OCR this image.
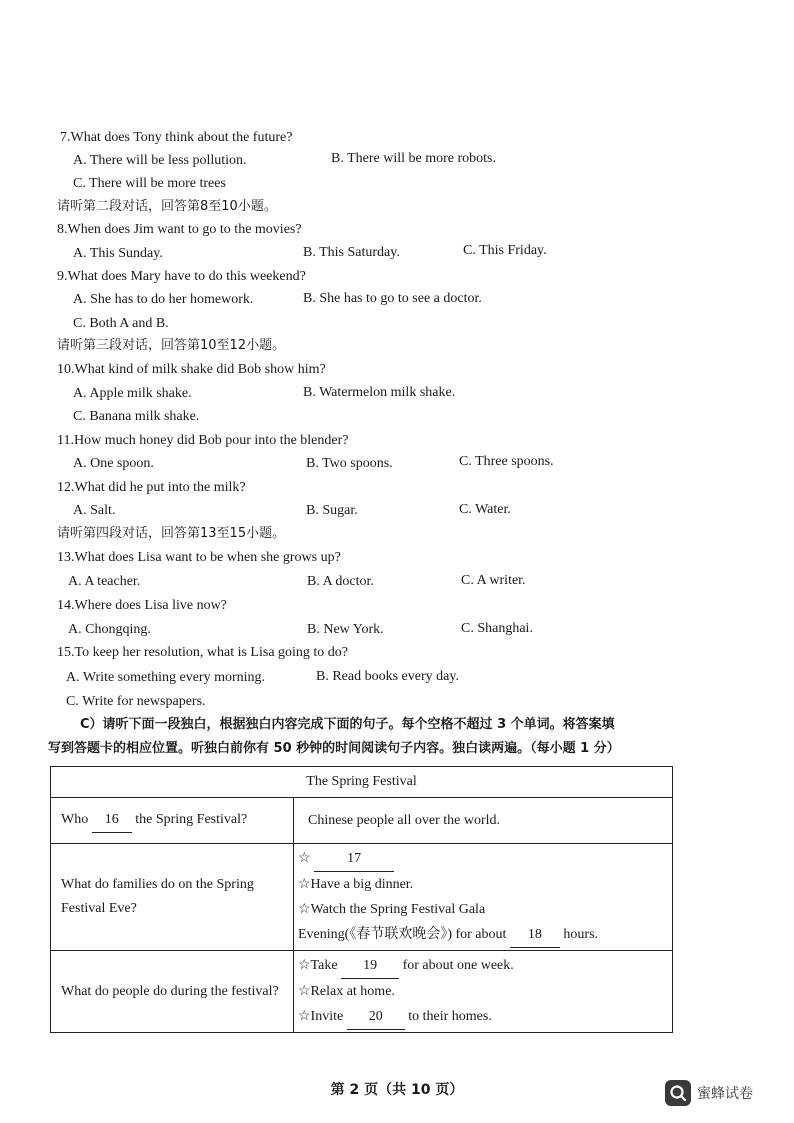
7.What does Tony think about the future?
A. There will be less pollution.	B. There will be more robots.
C. There will be more trees
请听第二段对话，回答第8至10小题。
8.When does Jim want to go to the movies?
A. This Sunday.	B. This Saturday.	C. This Friday.
9.What does Mary have to do this weekend?
A. She has to do her homework.	B. She has to go to see a doctor.
C. Both A and B.
请听第三段对话，回答第10至12小题。
10.What kind of milk shake did Bob show him?
A. Apple milk shake.	B. Watermelon milk shake.
C. Banana milk shake.
11.How much honey did Bob pour into the blender?
A. One spoon.	B. Two spoons.	C. Three spoons.
12.What did he put into the milk?
A. Salt.	B. Sugar.	C. Water.
请听第四段对话，回答第13至15小题。
13.What does Lisa want to be when she grows up?
A. A teacher.	B. A doctor.	C. A writer.
14.Where does Lisa live now?
A. Chongqing.	B. New York.	C. Shanghai.
15.To keep her resolution, what is Lisa going to do?
A. Write something every morning.	B. Read books every day.
C. Write for newspapers.
C）请听下面一段独白，根据独白内容完成下面的句子。每个空格不超过 3 个单词。将答案填
写到答题卡的相应位置。听独白前你有 50 秒钟的时间阅读句子内容。独白读两遍。（每小题 1 分）
The Spring Festival	
Who 16 the Spring Festival?	Chinese people all over the world.
What do families do on the Spring Festival Eve?	☆ 17
☆Have a big dinner.
☆Watch the Spring Festival Gala
Evening(《春节联欢晚会》) for about 18 hours.

What do people do during the festival?	☆Take 19 for about one week.
☆Relax at home.
☆Invite 20 to their homes.
第 2 页（共 10 页）	蜜蜂试卷
